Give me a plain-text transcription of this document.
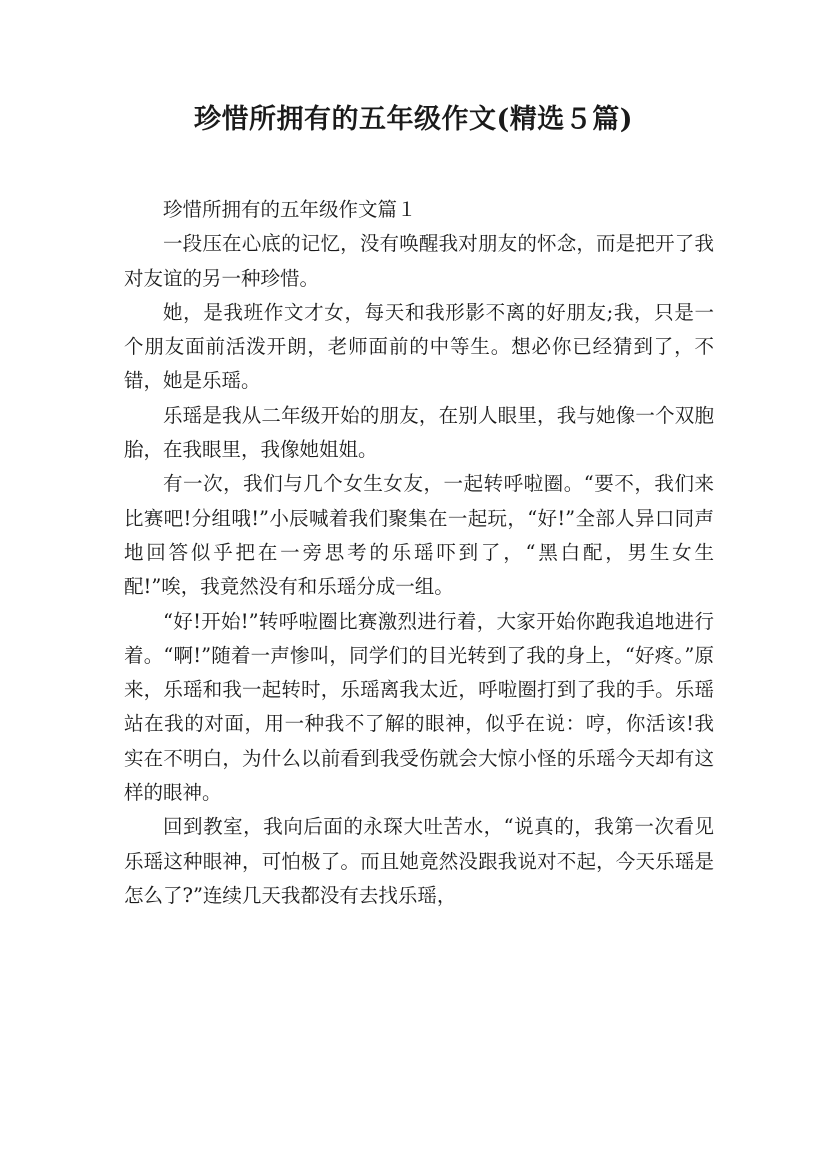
珍惜所拥有的五年级作文(精选５篇)

珍惜所拥有的五年级作文篇１

一段压在心底的记忆，没有唤醒我对朋友的怀念，而是把开了我对友谊的另一种珍惜。

她，是我班作文才女，每天和我形影不离的好朋友;我，只是一个朋友面前活泼开朗，老师面前的中等生。想必你已经猜到了，不错，她是乐瑶。

乐瑶是我从二年级开始的朋友，在别人眼里，我与她像一个双胞胎，在我眼里，我像她姐姐。

有一次，我们与几个女生女友，一起转呼啦圈。“要不，我们来比赛吧!分组哦!”小辰喊着我们聚集在一起玩，“好!”全部人异口同声地回答似乎把在一旁思考的乐瑶吓到了，“黑白配，男生女生配!”唉，我竟然没有和乐瑶分成一组。

“好!开始!”转呼啦圈比赛激烈进行着，大家开始你跑我追地进行着。“啊!”随着一声惨叫，同学们的目光转到了我的身上，“好疼。”原来，乐瑶和我一起转时，乐瑶离我太近，呼啦圈打到了我的手。乐瑶站在我的对面，用一种我不了解的眼神，似乎在说：哼，你活该!我实在不明白，为什么以前看到我受伤就会大惊小怪的乐瑶今天却有这样的眼神。

回到教室，我向后面的永琛大吐苦水，“说真的，我第一次看见乐瑶这种眼神，可怕极了。而且她竟然没跟我说对不起，今天乐瑶是怎么了?”连续几天我都没有去找乐瑶，
